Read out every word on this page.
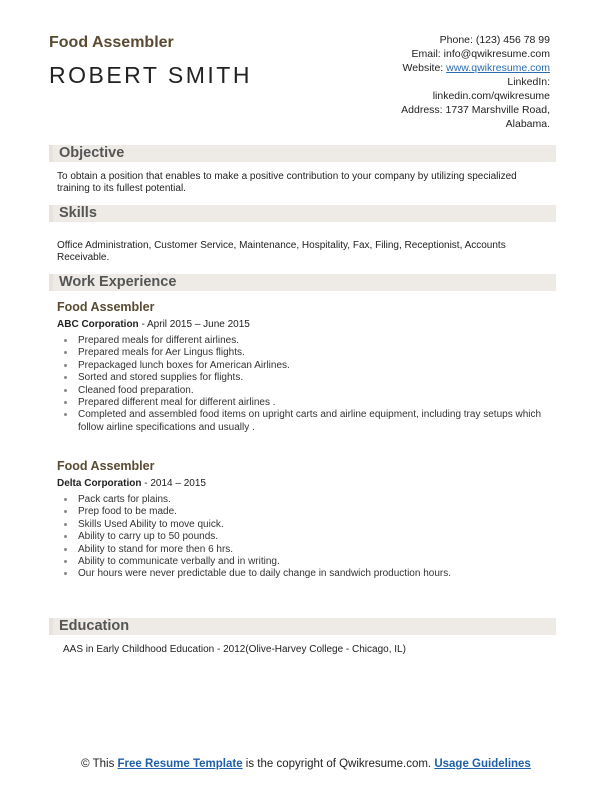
Food Assembler
ROBERT SMITH
Phone: (123) 456 78 99
Email: info@qwikresume.com
Website: www.qwikresume.com
LinkedIn:
linkedin.com/qwikresume
Address: 1737 Marshville Road,
Alabama.
Objective
To obtain a position that enables to make a positive contribution to your company by utilizing specialized training to its fullest potential.
Skills
Office Administration, Customer Service, Maintenance, Hospitality, Fax, Filing, Receptionist, Accounts Receivable.
Work Experience
Food Assembler
ABC Corporation - April 2015 – June 2015
Prepared meals for different airlines.
Prepared meals for Aer Lingus flights.
Prepackaged lunch boxes for American Airlines.
Sorted and stored supplies for flights.
Cleaned food preparation.
Prepared different meal for different airlines .
Completed and assembled food items on upright carts and airline equipment, including tray setups which follow airline specifications and usually .
Food Assembler
Delta Corporation - 2014 – 2015
Pack carts for plains.
Prep food to be made.
Skills Used Ability to move quick.
Ability to carry up to 50 pounds.
Ability to stand for more then 6 hrs.
Ability to communicate verbally and in writing.
Our hours were never predictable due to daily change in sandwich production hours.
Education
AAS in Early Childhood Education - 2012(Olive-Harvey College - Chicago, IL)
© This Free Resume Template is the copyright of Qwikresume.com. Usage Guidelines
